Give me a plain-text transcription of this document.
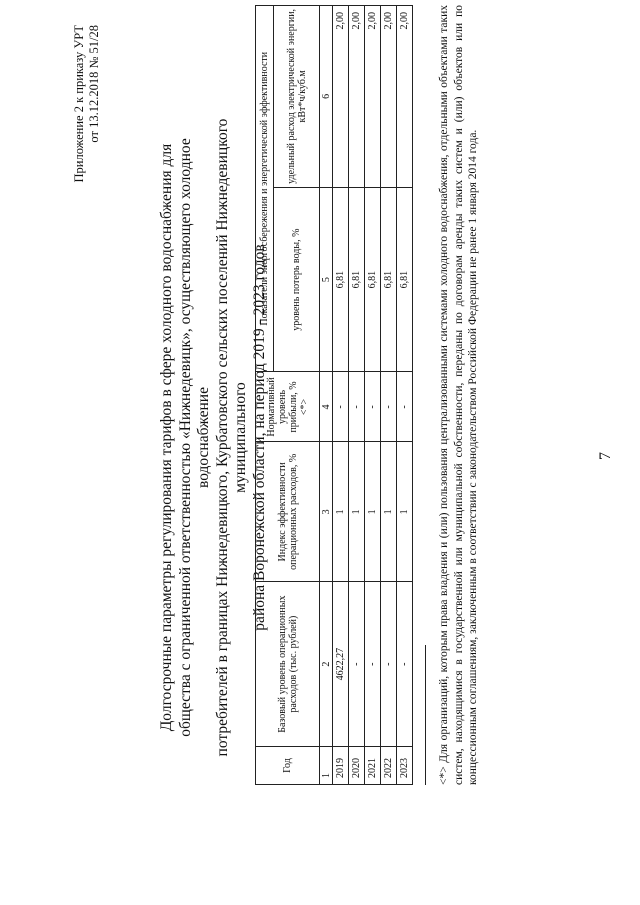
7
Приложение 2 к приказу УРТ от 13.12.2018 № 51/28
Долгосрочные параметры регулирования тарифов в сфере холодного водоснабжения для общества с ограниченной ответственностью «Нижнедевицк», осуществляющего холодное водоснабжение потребителей в границах Нижнедевицкого, Курбатовского сельских поселений Нижнедевицкого муниципального района Воронежской области, на период 2019 - 2023 годов
Год	Базовый уровень операционных расходов (тыс. рублей)	Индекс эффективности операционных расходов, %	Нормативный уровень прибыли, % <*>	Показатели энергосбережения и энергетической эффективности	
				уровень потерь воды, %	удельный расход электрической энергии, кВт*ч/куб.м
1	2	3	4	5	6
2019	4622,27	1	-	6,81	2,00
2020	-	1	-	6,81	2,00
2021	-	1	-	6,81	2,00
2022	-	1	-	6,81	2,00
2023	-	1	-	6,81	2,00 <*> Для организаций, которым права владения и (или) пользования централизованными системами холодного водоснабжения, отдельными объектами таких систем, находящимися в государственной или муниципальной собственности, переданы по договорам аренды таких систем и (или) объектов или по концессионным соглашениям, заключенным в соответствии с законодательством Российской Федерации не ранее 1 января 2014 года.
